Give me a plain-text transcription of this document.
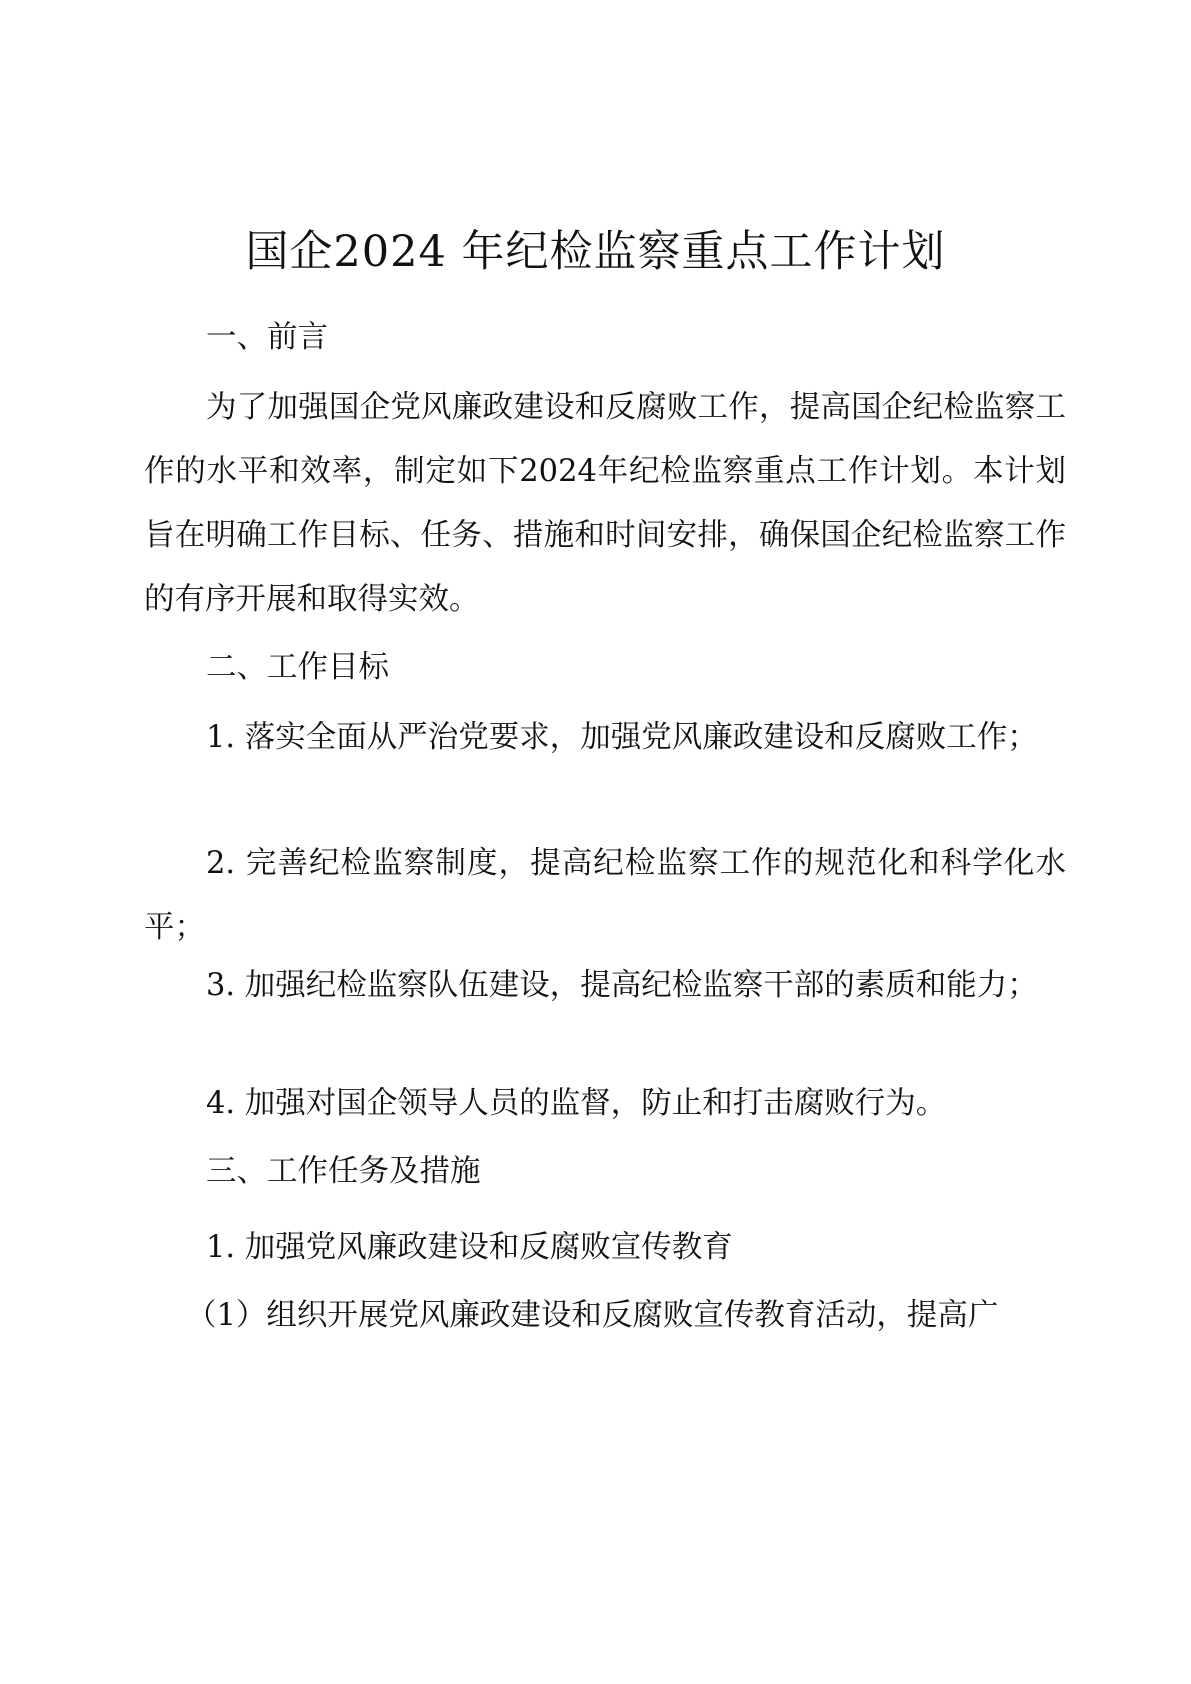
国企2024 年纪检监察重点工作计划

一、前言

为了加强国企党风廉政建设和反腐败工作，提高国企纪检监察工作的水平和效率，制定如下2024年纪检监察重点工作计划。本计划旨在明确工作目标、任务、措施和时间安排，确保国企纪检监察工作的有序开展和取得实效。

二、工作目标

1. 落实全面从严治党要求，加强党风廉政建设和反腐败工作；

2. 完善纪检监察制度，提高纪检监察工作的规范化和科学化水平；

3. 加强纪检监察队伍建设，提高纪检监察干部的素质和能力；

4. 加强对国企领导人员的监督，防止和打击腐败行为。

三、工作任务及措施

1. 加强党风廉政建设和反腐败宣传教育

（1）组织开展党风廉政建设和反腐败宣传教育活动，提高广
